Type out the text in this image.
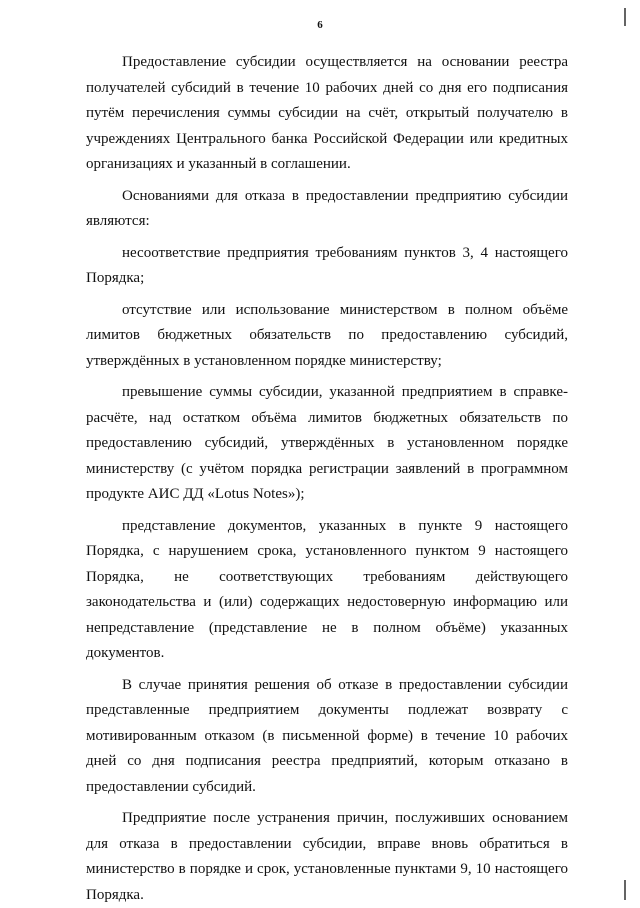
6

Предоставление субсидии осуществляется на основании реестра получателей субсидий в течение 10 рабочих дней со дня его подписания путём перечисления суммы субсидии на счёт, открытый получателю в учреждениях Центрального банка Российской Федерации или кредитных организациях и указанный в соглашении.

Основаниями для отказа в предоставлении предприятию субсидии являются:

несоответствие предприятия требованиям пунктов 3, 4 настоящего Порядка;

отсутствие или использование министерством в полном объёме лимитов бюджетных обязательств по предоставлению субсидий, утверждённых в установленном порядке министерству;

превышение суммы субсидии, указанной предприятием в справке-расчёте, над остатком объёма лимитов бюджетных обязательств по предоставлению субсидий, утверждённых в установленном порядке министерству (с учётом порядка регистрации заявлений в программном продукте АИС ДД «Lotus Notes»);

представление документов, указанных в пункте 9 настоящего Порядка, с нарушением срока, установленного пунктом 9 настоящего Порядка, не соответствующих требованиям действующего законодательства и (или) содержащих недостоверную информацию или непредставление (представление не в полном объёме) указанных документов.

В случае принятия решения об отказе в предоставлении субсидии представленные предприятием документы подлежат возврату с мотивированным отказом (в письменной форме) в течение 10 рабочих дней со дня подписания реестра предприятий, которым отказано в предоставлении субсидий.

Предприятие после устранения причин, послуживших основанием для отказа в предоставлении субсидии, вправе вновь обратиться в министерство в порядке и срок, установленные пунктами 9, 10 настоящего Порядка.
